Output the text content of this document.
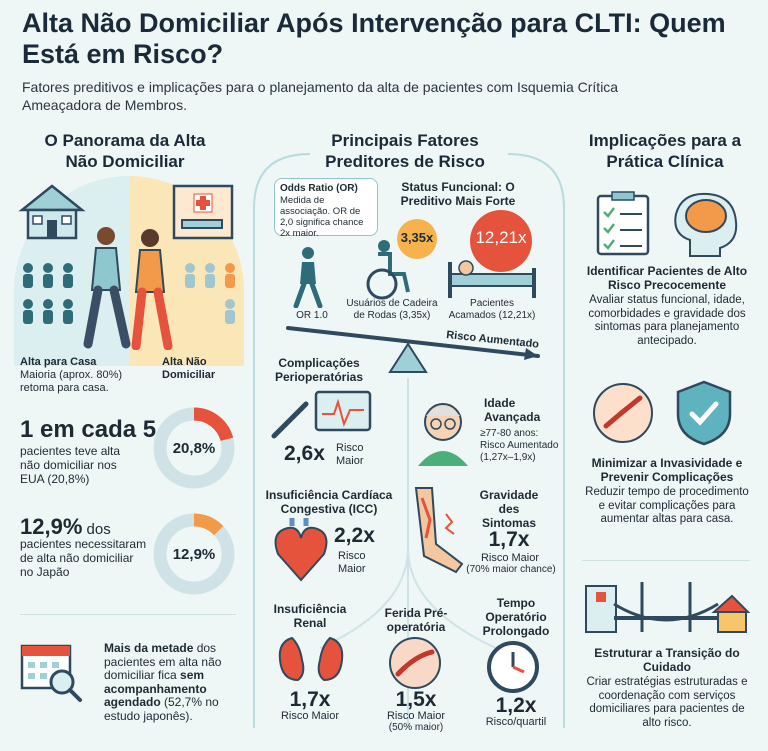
Alta Não Domiciliar Após Intervenção para CLTI: Quem Está em Risco?
Fatores preditivos e implicações para o planejamento da alta de pacientes com Isquemia Crítica Ameaçadora de Membros.
O Panorama da Alta Não Domiciliar
Alta para Casa
Maioria (aprox. 80%) retoma para casa.
Alta Não Domiciliar
1 em cada 5
pacientes teve alta não domiciliar nos EUA (20,8%)
20,8%
12,9% dos
pacientes necessitaram de alta não domiciliar no Japão
12,9%
Mais da metade dos pacientes em alta não domiciliar fica sem acompanhamento agendado (52,7% no estudo japonês).
Principais Fatores Preditores de Risco
Odds Ratio (OR)
Medida de associação. OR de 2,0 significa chance 2x maior.
Status Funcional: O Preditivo Mais Forte
OR 1.0
3,35x
Usuários de Cadeira de Rodas (3,35x)
12,21x
Pacientes Acamados (12,21x)
Risco Aumentado
Complicações Perioperatórias
2,6x Risco Maior
Idade Avançada
≥77-80 anos: Risco Aumentado (1,27x–1,9x)
Insuficiência Cardíaca Congestiva (ICC)
2,2x
Risco Maior
Gravidade des Sintomas
1,7x
Risco Maior
(70% maior chance)
Insuficiência Renal
1,7x
Risco Maior
Ferida Pré-operatória
1,5x
Risco Maior
(50% maior)
Tempo Operatório Prolongado
1,2x
Risco/quartil
Implicações para a Prática Clínica
Identificar Pacientes de Alto Risco Precocemente
Avaliar status funcional, idade, comorbidades e gravidade dos sintomas para planejamento antecipado.
Minimizar a Invasividade e Prevenir Complicações
Reduzir tempo de procedimento e evitar complicações para aumentar altas para casa.
Estruturar a Transição do Cuidado
Criar estratégias estruturadas e coordenação com serviços domiciliares para pacientes de alto risco.
